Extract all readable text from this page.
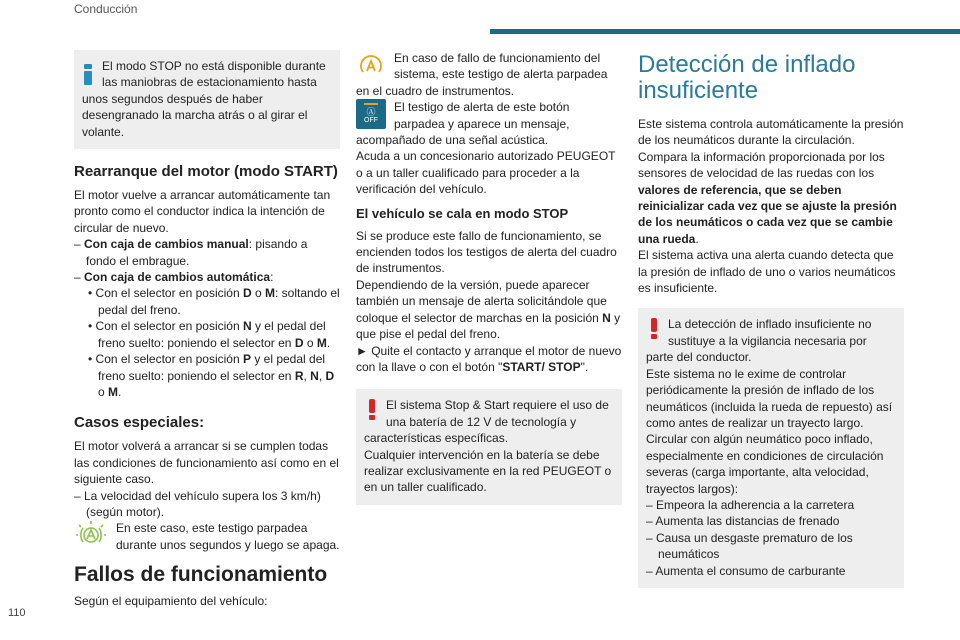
Conducción
110

El modo STOP no está disponible durante las maniobras de estacionamiento hasta unos segundos después de haber desengranado la marcha atrás o al girar el volante.

Rearranque del motor (modo START)

El motor vuelve a arrancar automáticamente tan pronto como el conductor indica la intención de circular de nuevo.

– Con caja de cambios manual: pisando a fondo el embrague.

– Con caja de cambios automática:

• Con el selector en posición D o M: soltando el pedal del freno.

• Con el selector en posición N y el pedal del freno suelto: poniendo el selector en D o M.

• Con el selector en posición P y el pedal del freno suelto: poniendo el selector en R, N, D o M.

Casos especiales:

El motor volverá a arrancar si se cumplen todas las condiciones de funcionamiento así como en el siguiente caso.

– La velocidad del vehículo supera los 3 km/h) (según motor).

En este caso, este testigo parpadea durante unos segundos y luego se apaga.

Fallos de funcionamiento

Según el equipamiento del vehículo:

En caso de fallo de funcionamiento del sistema, este testigo de alerta parpadea en el cuadro de instrumentos.

Ⓐ
OFF

El testigo de alerta de este botón parpadea y aparece un mensaje, acompañado de una señal acústica.

Acuda a un concesionario autorizado PEUGEOT o a un taller cualificado para proceder a la verificación del vehículo.

El vehículo se cala en modo STOP

Si se produce este fallo de funcionamiento, se encienden todos los testigos de alerta del cuadro de instrumentos.

Dependiendo de la versión, puede aparecer también un mensaje de alerta solicitándole que coloque el selector de marchas en la posición N y que pise el pedal del freno.

► Quite el contacto y arranque el motor de nuevo con la llave o con el botón "START/ STOP".

El sistema Stop & Start requiere el uso de una batería de 12 V de tecnología y características específicas.

Cualquier intervención en la batería se debe realizar exclusivamente en la red PEUGEOT o en un taller cualificado.

Detección de inflado insuficiente

Este sistema controla automáticamente la presión de los neumáticos durante la circulación. Compara la información proporcionada por los sensores de velocidad de las ruedas con los valores de referencia, que se deben reinicializar cada vez que se ajuste la presión de los neumáticos o cada vez que se cambie una rueda.

El sistema activa una alerta cuando detecta que la presión de inflado de uno o varios neumáticos es insuficiente.

La detección de inflado insuficiente no sustituye a la vigilancia necesaria por parte del conductor.

Este sistema no le exime de controlar periódicamente la presión de inflado de los neumáticos (incluida la rueda de repuesto) así como antes de realizar un trayecto largo.

Circular con algún neumático poco inflado, especialmente en condiciones de circulación severas (carga importante, alta velocidad, trayectos largos):

– Empeora la adherencia a la carretera

– Aumenta las distancias de frenado

– Causa un desgaste prematuro de los neumáticos

– Aumenta el consumo de carburante
